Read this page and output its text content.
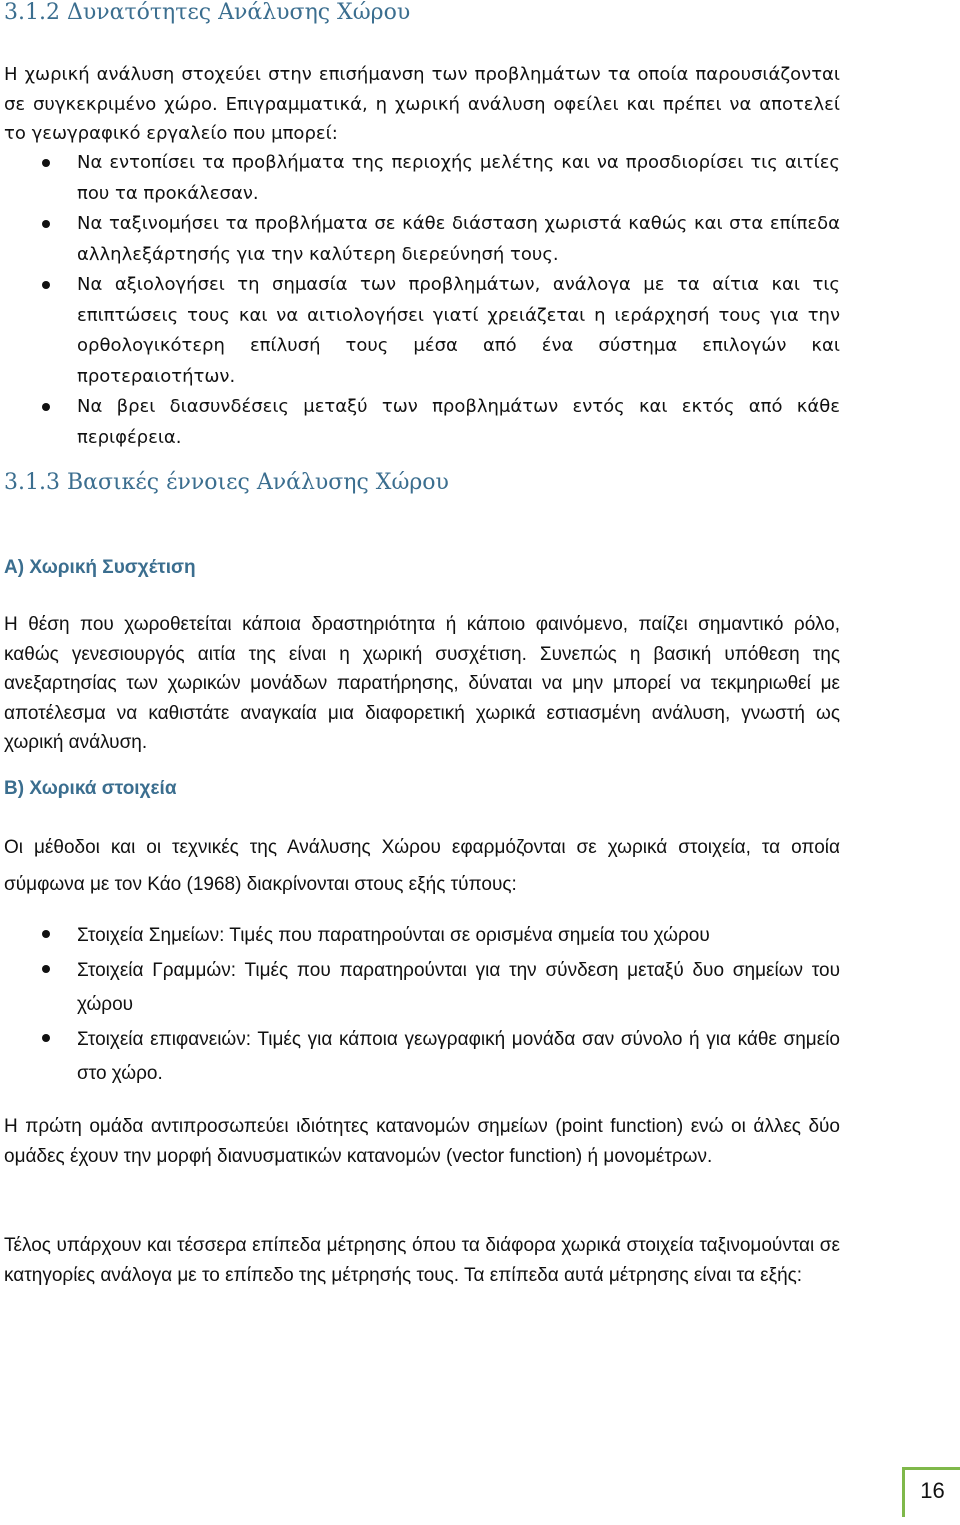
3.1.2 Δυνατότητες Ανάλυσης Χώρου

Η χωρική ανάλυση στοχεύει στην επισήμανση των προβλημάτων τα οποία παρουσιάζονται σε συγκεκριμένο χώρο. Επιγραμματικά, η χωρική ανάλυση οφείλει και πρέπει να αποτελεί το γεωγραφικό εργαλείο που μπορεί:

Να εντοπίσει τα προβλήματα της περιοχής μελέτης και να προσδιορίσει τις αιτίες που τα προκάλεσαν.
Να ταξινομήσει τα προβλήματα σε κάθε διάσταση χωριστά καθώς και στα επίπεδα αλληλεξάρτησής για την καλύτερη διερεύνησή τους.
Να αξιολογήσει τη σημασία των προβλημάτων, ανάλογα με τα αίτια και τις επιπτώσεις τους και να αιτιολογήσει γιατί χρειάζεται η ιεράρχησή τους για την ορθολογικότερη επίλυσή τους μέσα από ένα σύστημα επιλογών και προτεραιοτήτων.
Να βρει διασυνδέσεις μεταξύ των προβλημάτων εντός και εκτός από κάθε περιφέρεια.
3.1.3 Βασικές έννοιες Ανάλυσης Χώρου
Α) Χωρική Συσχέτιση

Η θέση που χωροθετείται κάποια δραστηριότητα ή κάποιο φαινόμενο, παίζει σημαντικό ρόλο, καθώς γενεσιουργός αιτία της είναι η χωρική συσχέτιση. Συνεπώς η βασική υπόθεση της ανεξαρτησίας των χωρικών μονάδων παρατήρησης, δύναται να μην μπορεί να τεκμηριωθεί με αποτέλεσμα να καθιστάτε αναγκαία μια διαφορετική χωρικά εστιασμένη ανάλυση, γνωστή ως χωρική ανάλυση.

Β) Χωρικά στοιχεία

Οι μέθοδοι και οι τεχνικές της Ανάλυσης Χώρου εφαρμόζονται σε χωρικά στοιχεία, τα οποία σύμφωνα με τον Κάο (1968) διακρίνονται στους εξής τύπους:

Στοιχεία Σημείων: Τιμές που παρατηρούνται σε ορισμένα σημεία του χώρου
Στοιχεία Γραμμών: Τιμές που παρατηρούνται για την σύνδεση μεταξύ δυο σημείων του χώρου
Στοιχεία επιφανειών: Τιμές για κάποια γεωγραφική μονάδα σαν σύνολο ή για κάθε σημείο στο χώρο.

Η πρώτη ομάδα αντιπροσωπεύει ιδιότητες κατανομών σημείων (point function) ενώ οι άλλες δύο ομάδες έχουν την μορφή διανυσματικών κατανομών (vector function) ή μονομέτρων.

Τέλος υπάρχουν και τέσσερα επίπεδα μέτρησης όπου τα διάφορα χωρικά στοιχεία ταξινομούνται σε κατηγορίες ανάλογα με το επίπεδο της μέτρησής τους. Τα επίπεδα αυτά μέτρησης είναι τα εξής:

16
